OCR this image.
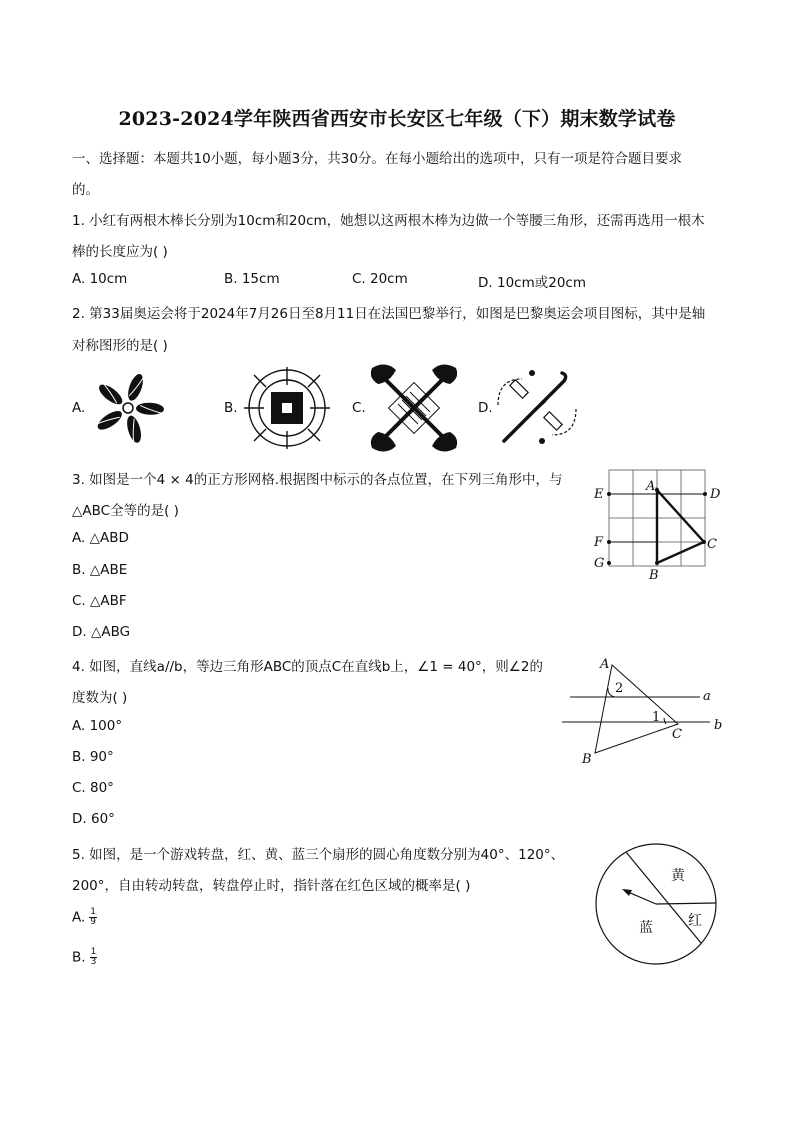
2023-2024学年陕西省西安市长安区七年级（下）期末数学试卷
一、选择题：本题共10小题，每小题3分，共30分。在每小题给出的选项中，只有一项是符合题目要求
的。
1. 小红有两根木棒长分别为10cm和20cm，她想以这两根木棒为边做一个等腰三角形，还需再选用一根木
棒的长度应为( )
A. 10cm	B. 15cm	C. 20cm	D. 10cm或20cm
2. 第33届奥运会将于2024年7月26日至8月11日在法国巴黎举行，如图是巴黎奥运会项目图标，其中是轴
对称图形的是( )
A.	B.	C.	D.
3. 如图是一个4 × 4的正方形网格.根据图中标示的各点位置，在下列三角形中，与
△ABC全等的是( )
A. △ABD
B. △ABE
C. △ABF
D. △ABG
A
B
C
D
E
F
G
4. 如图，直线a//b，等边三角形ABC的顶点C在直线b上，∠1 = 40°，则∠2的
度数为( )
A. 100°
B. 90°
C. 80°
D. 60°
A
B
C
a
b
1
2
5. 如图，是一个游戏转盘，红、黄、蓝三个扇形的圆心角度数分别为40°、120°、
200°，自由转动转盘，转盘停止时，指针落在红色区域的概率是( )
A. $\frac{1}{9}$
B. $\frac{1}{3}$
黄
红
蓝
